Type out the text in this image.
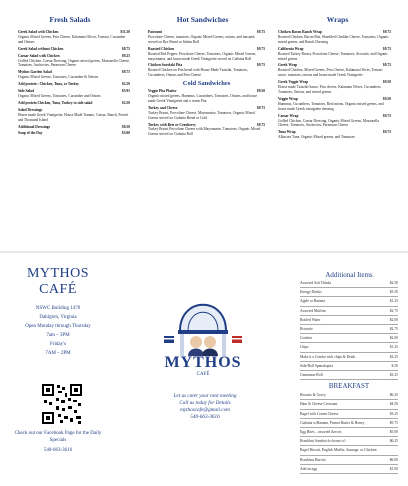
Fresh Salads	Hot Sandwiches	Wraps
Greek Salad with Chicken	$11.50
Organic Mixed Greens, Feta Cheese, Kalamata Olives, Tomato, Cucumber and Onions
Greek Salad without Chicken	$8.75
Caesar Salad with Chicken	$9.25
Grilled Chicken, Caesar Dressing, Organic mixed greens, Mozzarella Cheese, Tomatoes, Anchovies, Parmesan Cheese
Mythos Garden Salad	$9.75
Organic Mixed Greens, Tomatoes, Cucumber & Onions
Add protein : Chicken, Tuna, or Turkey	$2.50
Side Salad	$5.95
Organic Mixed Greens, Tomatoes, Cucumber and Onions
Add protein Chicken, Tuna, Turkey to side salad	$2.50
Salad Dressings
House made Greek Vinaigrette, House Made Tomato, Caesar, Ranch, French and Thousand Island
Additional Dressings	$0.50
Soup of the Day	$5.00
Pastrami	$9.75
Provolone Cheese, tomatoes, Organic Mixed Greens, onions, and mustard, served on Rye Bread or Italian Roll
Roasted Chicken	$9.75
Roasted Red Pepper, Provolone Cheese, Tomatoes, Organic Mixed Greens, mayonnaise, and house made Greek Vinaigrette served on Ciabatta Roll
Chicken Souvlaki Pita	$9.75
Roasted Chicken on Pita bread with House Made Tzatziki, Tomatoes, Cucumbers, Onions and Feta Cheese
Cold Sandwiches
Veggie Pita Platter	$9.50
Organic mixed greens, Hummus, Cucumbers, Tomatoes, Onions, and house made Greek Vinaigrette and a warm Pita
Turkey and Cheese	$9.75
Turkey Breast, Provolone Cheese, Mayonnaise, Tomatoes, Organic Mixed Greens served on Ciabatta Bread or Cold
Turkey with Brie or Cranberry	$9.75
Turkey Breast Provolone Cheese with Mayonnaise, Tomatoes, Organic Mixed Greens served on Ciabatta Roll
Chicken Bacon Ranch Wrap	$9.75
Roasted Chicken, Bacon Bits, Shredded Cheddar Cheese, Tomatoes, Organic mixed greens, and Ranch Dressing
California Wrap	$9.75
Roasted Turkey Breast, Provolone Cheese, Tomatoes, Avocado, and Organic mixed greens
Greek Wrap	$9.75
Roasted Chicken, Mixed Greens, Feta Cheese, Kalamata Olives, Tomato sauce, tomatoes, onions and house made Greek Vinaigrette
Greek Veggie Wrap	$9.50
House made Tzatziki Sauce, Feta cheese, Kalamata Olives, Cucumbers, Tomatoes, Onions, and mixed greens
Veggie Wrap	$9.50
Hummus, Cucumbers, Tomatoes, Red onions, Organic mixed greens, and house made Greek vinaigrette dressing
Caesar Wrap	$9.75
Grilled Chicken, Caesar Dressing, Organic Mixed Greens, Mozzarella Cheese, Tomatoes, Anchovies, Parmesan Cheese
Tuna Wrap	$9.75
Albacore Tuna, Organic Mixed greens, and Tomatoes
MYTHOS CAFÉ
NSWC Building 1470
Dahlgren, Virginia
Open Monday through Thursday
7am – 3PM
Friday's
7AM – 2PM
Check out our Facebook Page for the Daily Specials
540-663-3616
MYTHOS
CAFÉ
Let us cater your next meeting
Call us today for Details
mythoscafe@gmail.com
540-663-3616
Additional Items
Assorted Soft Drinks	$2.50
Energy Drinks	$3.50
Apple or Banana	$1.25
Assorted Muffins	$2.75
Bottled Water	$2.00
Brownie	$2.75
Cookies	$2.00
Chips	$1.25
Make it a Combo with chips & Drink	$3.25
Side/Roll Spanakopita	$.50
Cinnamon Roll	$3.25
BREAKFAST
Biscuits & Gravy	$6.25
Ham & Cheese Croissant	$4.50
Bagel with Cream Cheese	$3.25
Ciabatta w/Banana, Peanut Butter & Honey	$5.75
Egg Bites – assorted flavors	$5.00
Breakfast Sandwich choose of :	$6.25
Bagel Biscuit, English Muffin. Sausage, or Chicken
Breakfast Burrito	$6.00
Add an egg	$1.00
